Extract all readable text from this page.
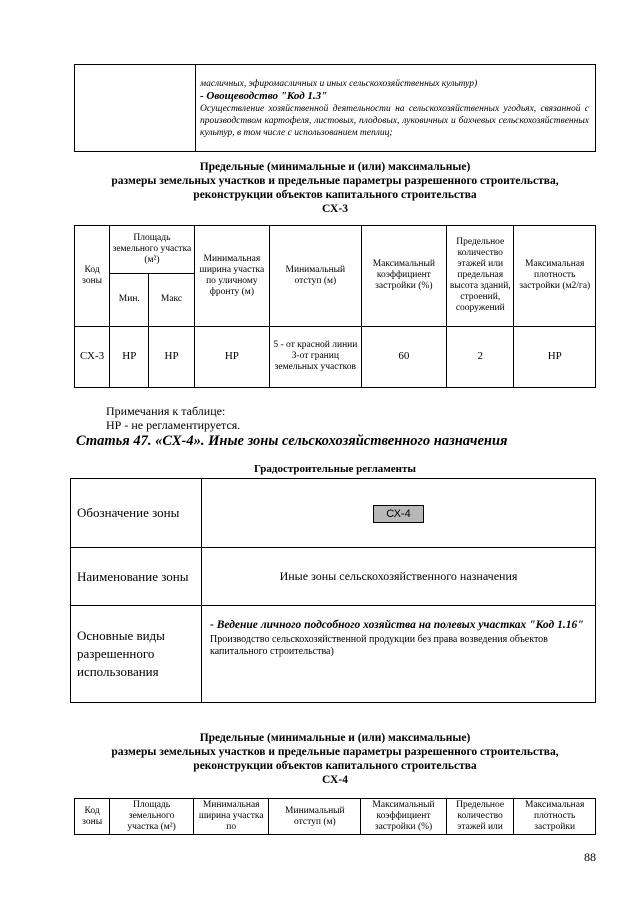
масличных, эфиромасличных и иных сельскохозяйственных культур)
- Овощеводство "Код 1.3"
Осуществление хозяйственной деятельности на сельскохозяйственных угодьях, связанной с производством картофеля, листовых, плодовых, луковичных и бахчевых сельскохозяйственных культур, в том числе с использованием теплиц;
Предельные (минимальные и (или) максимальные)
размеры земельных участков и предельные параметры разрешенного строительства,
реконструкции объектов капитального строительства
СХ-3
Код зоны	Площадь земельного участка (м²)		Минимальная ширина участка по уличному фронту (м)	Минимальный отступ (м)	Максимальный коэффициент застройки (%)	Предельное количество этажей или предельная высота зданий, строений, сооружений	Максимальная плотность застройки (м2/га)
	Мин.	Макс					
СХ-3	НР	НР	НР	5 - от красной линии 3-от границ земельных участков	60	2	НР
Примечания к таблице:
НР - не регламентируется.
Статья 47. «СХ-4». Иные зоны сельскохозяйственного назначения
Градостроительные регламенты
Обозначение зоны	СХ-4
Наименование зоны	Иные зоны сельскохозяйственного назначения
Основные виды разрешенного использования	- Ведение личного подсобного хозяйства на полевых участках "Код 1.16"
Производство сельскохозяйственной продукции без права возведения объектов капитального строительства)
Предельные (минимальные и (или) максимальные)
размеры земельных участков и предельные параметры разрешенного строительства,
реконструкции объектов капитального строительства
СХ-4
Код зоны	Площадь земельного участка (м²)	Минимальная ширина участка по	Минимальный отступ (м)	Максимальный коэффициент застройки (%)	Предельное количество этажей или	Максимальная плотность застройки
88
